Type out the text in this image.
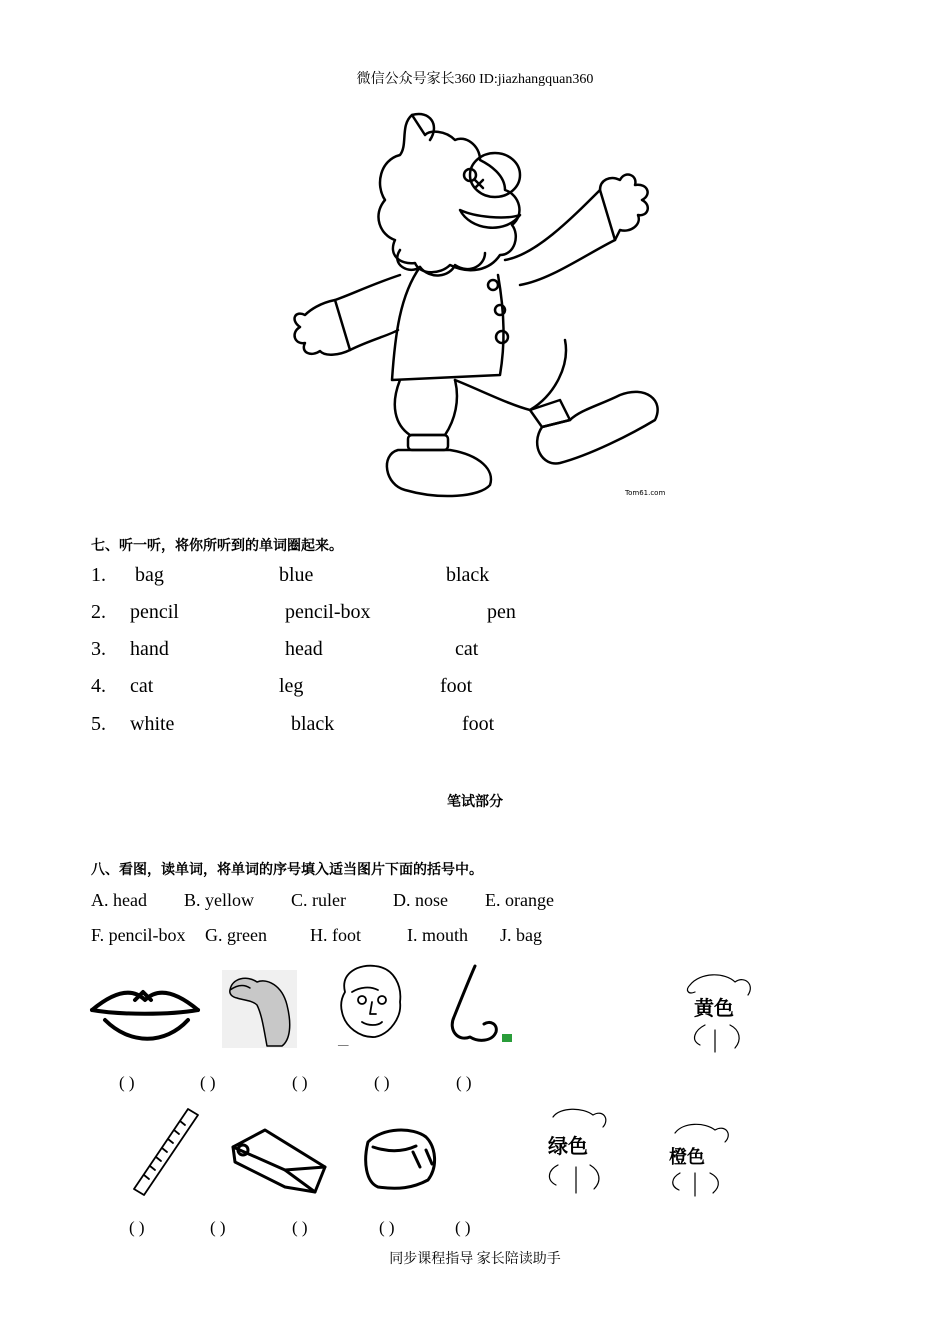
微信公众号家长360 ID:jiazhangquan360
Tom61.com
七、听一听，将你所听到的单词圈起来。
1. bag	blue	black
2. pencil	pencil-box	pen
3. hand	head	cat
4. cat	leg	foot
5. white	black	foot
笔试部分
八、看图，读单词，将单词的序号填入适当图片下面的括号中。
A. head B. yellow C. ruler	D. nose E. orange
F. pencil-box G. green H. foot	I. mouth J. bag
___
黄色
( )	( )	( )	( )	( )
绿色	橙色
( )	( )	( )	( )	( )
同步课程指导 家长陪读助手
